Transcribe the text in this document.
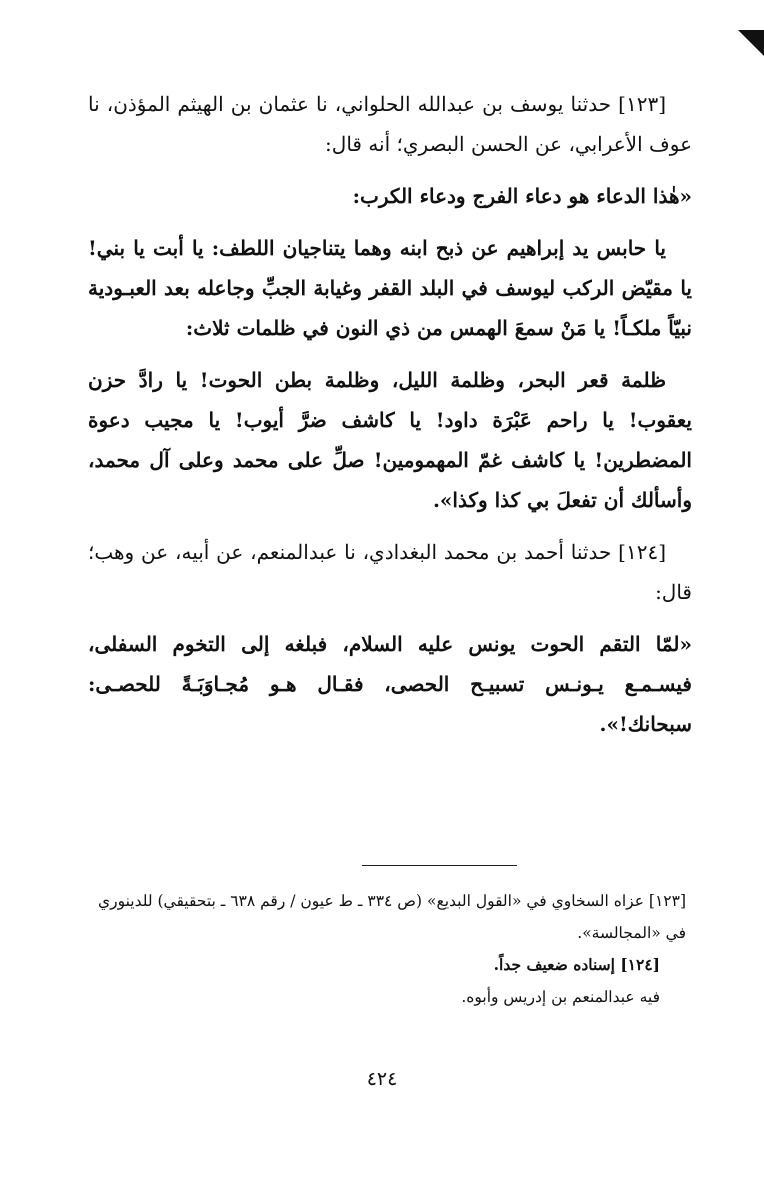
[١٢٣] حدثنا يوسف بن عبدالله الحلواني، نا عثمان بن الهيثم المؤذن، نا عوف الأعرابي، عن الحسن البصري؛ أنه قال:

«هٰذا الدعاء هو دعاء الفرج ودعاء الكرب:

يا حابس يد إبراهيم عن ذبح ابنه وهما يتناجيان اللطف: يا أبت يا بني! يا مقيّض الركب ليوسف في البلد القفر وغيابة الجبِّ وجاعله بعد العبـودية نبيّاً ملكـاً! يا مَنْ سمعَ الهمس من ذي النون في ظلمات ثلاث:

ظلمة قعر البحر، وظلمة الليل، وظلمة بطن الحوت! يا رادَّ حزن يعقوب! يا راحم عَبْرَة داود! يا كاشف ضرَّ أيوب! يا مجيب دعوة المضطرين! يا كاشف غمّ المهمومين! صلِّ على محمد وعلى آل محمد، وأسألك أن تفعلَ بي كذا وكذا».

[١٢٤] حدثنا أحمد بن محمد البغدادي، نا عبدالمنعم، عن أبيه، عن وهب؛ قال:

«لمّا التقم الحوت يونس عليه السلام، فبلغه إلى التخوم السفلى، فيسـمـع يـونـس تسبيـح الحصى، فقـال هـو مُجـاوَبَـةً للحصـى: سبحانك!».

[١٢٣] عزاه السخاوي في «القول البديع» (ص ٣٣٤ ـ ط عيون / رقم ٦٣٨ ـ بتحقيقي) للدينوري في «المجالسة».

[١٢٤] إسناده ضعيف جداً.

فيه عبدالمنعم بن إدريس وأبوه.

٤٢٤
